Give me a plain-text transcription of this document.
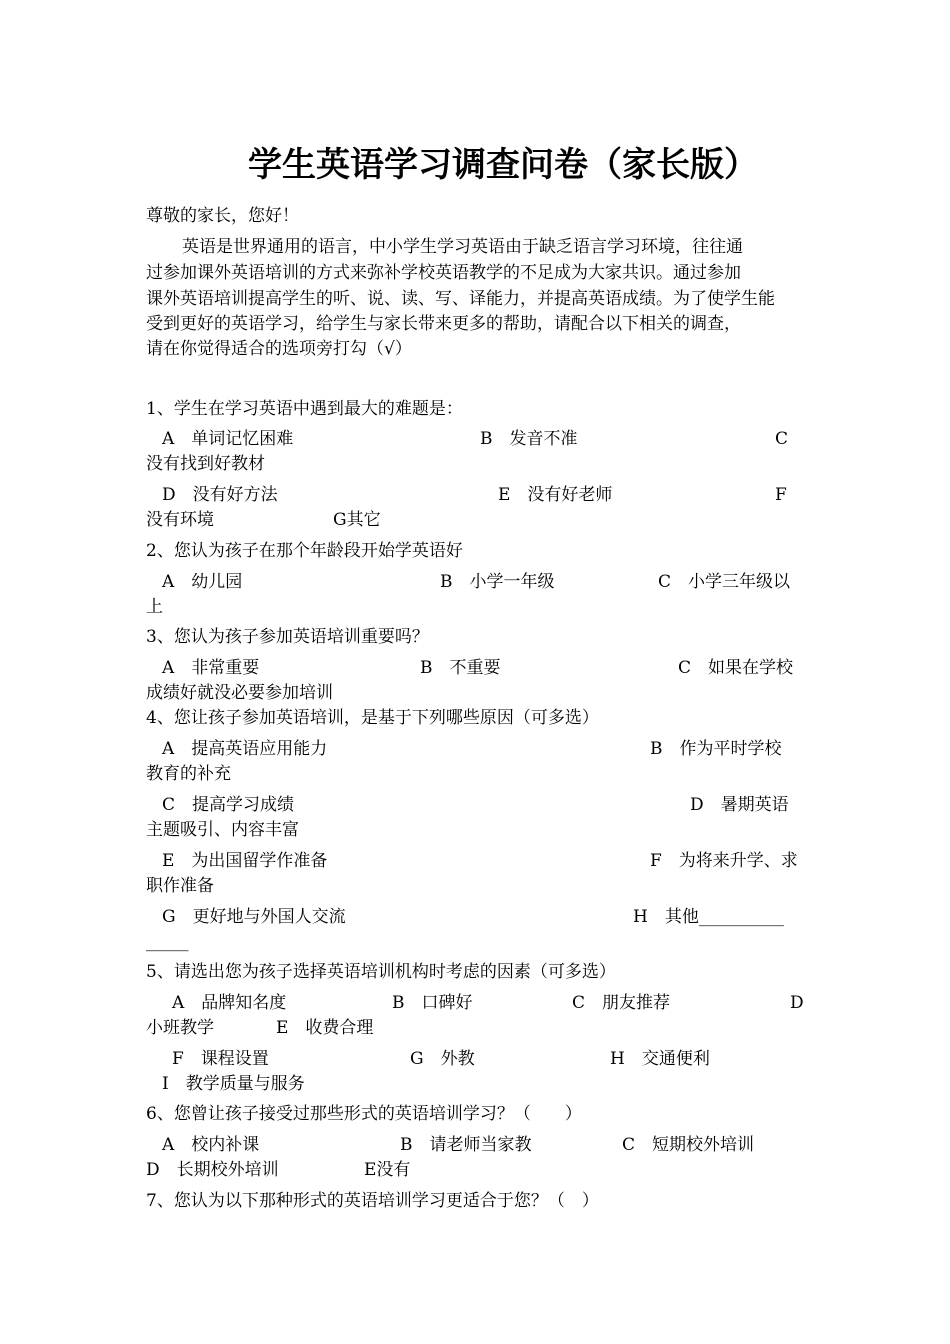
学生英语学习调查问卷（家长版）
尊敬的家长，您好！
英语是世界通用的语言，中小学生学习英语由于缺乏语言学习环境，往往通
过参加课外英语培训的方式来弥补学校英语教学的不足成为大家共识。通过参加
课外英语培训提高学生的听、说、读、写、译能力，并提高英语成绩。为了使学生能
受到更好的英语学习，给学生与家长带来更多的帮助，请配合以下相关的调查，
请在你觉得适合的选项旁打勾（√）
1、学生在学习英语中遇到最大的难题是：
A　单词记忆困难	B　发音不准	C
没有找到好教材
D　没有好方法	E　没有好老师	F
没有环境	G其它
2、您认为孩子在那个年龄段开始学英语好
A　幼儿园	B　小学一年级	C　小学三年级以
上
3、您认为孩子参加英语培训重要吗？
A　非常重要	B　不重要	C　如果在学校
成绩好就没必要参加培训
4、您让孩子参加英语培训，是基于下列哪些原因（可多选）
A　提高英语应用能力	B　作为平时学校
教育的补充
C　提高学习成绩	D　暑期英语
主题吸引、内容丰富
E　为出国留学作准备	F　为将来升学、求
职作准备
G　更好地与外国人交流	H　其他__________
_____
5、请选出您为孩子选择英语培训机构时考虑的因素（可多选）
A　品牌知名度	B　口碑好	C　朋友推荐	D
小班教学	E　收费合理
F　课程设置	G　外教	H　交通便利
I　教学质量与服务
6、您曾让孩子接受过那些形式的英语培训学习？（　　）
A　校内补课	B　请老师当家教	C　短期校外培训
D　长期校外培训	E没有
7、您认为以下那种形式的英语培训学习更适合于您？（　）
